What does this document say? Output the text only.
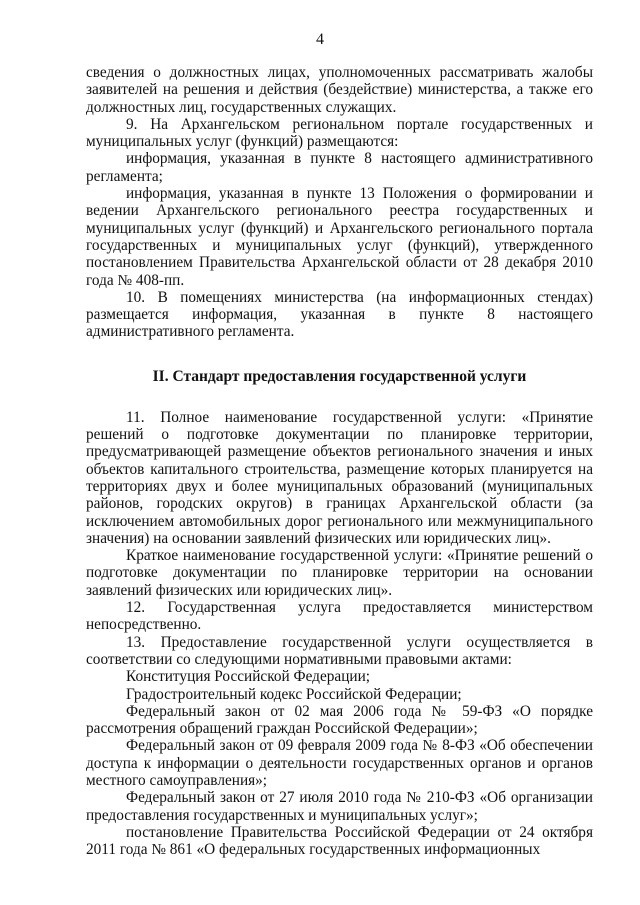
4

сведения о должностных лицах, уполномоченных рассматривать жалобы заявителей на решения и действия (бездействие) министерства, а также его должностных лиц, государственных служащих.

9. На Архангельском региональном портале государственных и муниципальных услуг (функций) размещаются:

информация, указанная в пункте 8 настоящего административного регламента;

информация, указанная в пункте 13 Положения о формировании и ведении Архангельского регионального реестра государственных и муниципальных услуг (функций) и Архангельского регионального портала государственных и муниципальных услуг (функций), утвержденного постановлением Правительства Архангельской области от 28 декабря 2010 года № 408-пп.

10. В помещениях министерства (на информационных стендах) размещается информация, указанная в пункте 8 настоящего административного регламента.

II. Стандарт предоставления государственной услуги

11. Полное наименование государственной услуги: «Принятие решений о подготовке документации по планировке территории, предусматривающей размещение объектов регионального значения и иных объектов капитального строительства, размещение которых планируется на территориях двух и более муниципальных образований (муниципальных районов, городских округов) в границах Архангельской области (за исключением автомобильных дорог регионального или межмуниципального значения) на основании заявлений физических или юридических лиц».

Краткое наименование государственной услуги: «Принятие решений о подготовке документации по планировке территории на основании заявлений физических или юридических лиц».

12. Государственная услуга предоставляется министерством непосредственно.

13. Предоставление государственной услуги осуществляется в соответствии со следующими нормативными правовыми актами:

Конституция Российской Федерации;

Градостроительный кодекс Российской Федерации;

Федеральный закон от 02 мая 2006 года № 59-ФЗ «О порядке рассмотрения обращений граждан Российской Федерации»;

Федеральный закон от 09 февраля 2009 года № 8-ФЗ «Об обеспечении доступа к информации о деятельности государственных органов и органов местного самоуправления»;

Федеральный закон от 27 июля 2010 года № 210-ФЗ «Об организации предоставления государственных и муниципальных услуг»;

постановление Правительства Российской Федерации от 24 октября 2011 года № 861 «О федеральных государственных информационных
